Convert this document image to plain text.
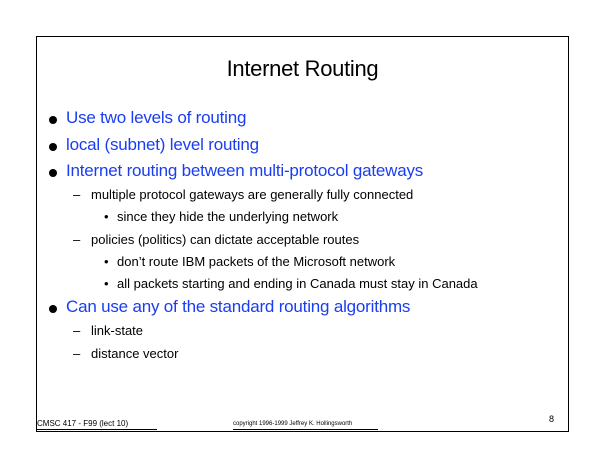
Internet Routing
Use two levels of routing
local (subnet) level routing
Internet routing between multi-protocol gateways
– multiple protocol gateways are generally fully connected
• since they hide the underlying network
– policies (politics) can dictate acceptable routes
• don’t route IBM packets of the Microsoft network
• all packets starting and ending in Canada must stay in Canada
Can use any of the standard routing algorithms
– link-state
– distance vector
CMSC 417 - F99 (lect 10)	copyright 1996-1999 Jeffrey K. Hollingsworth	8
